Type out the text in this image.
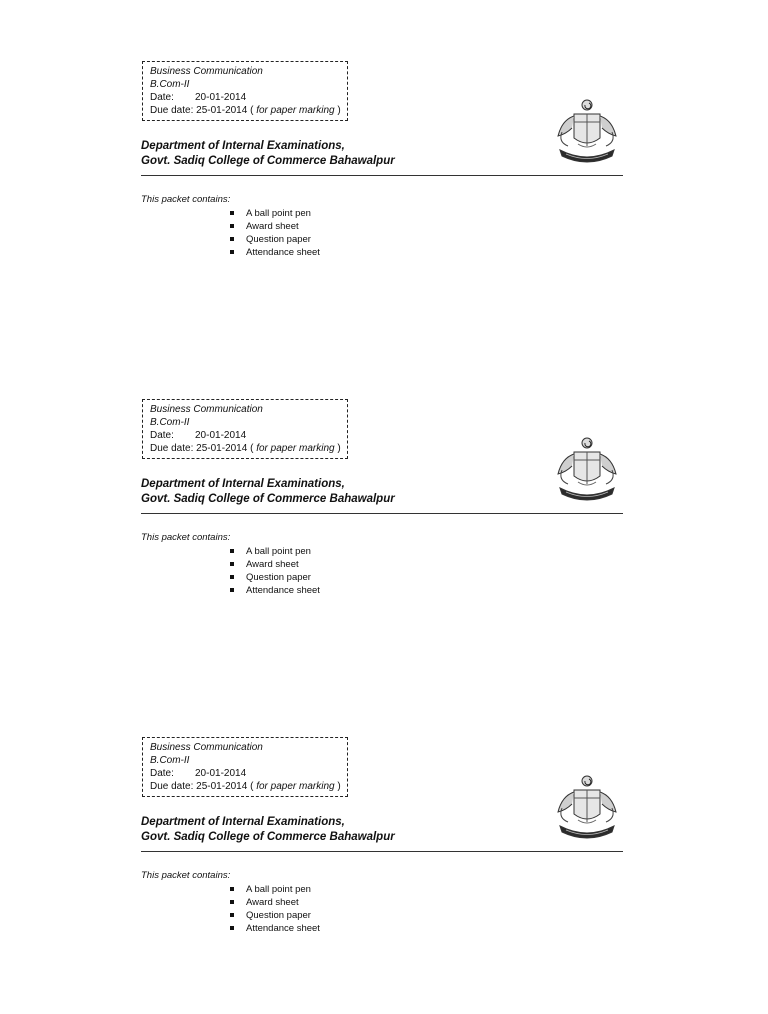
Business Communication
B.Com-II
Date: 20-01-2014
Due date: 25-01-2014 ( for paper marking )
Department of Internal Examinations,
Govt. Sadiq College of Commerce Bahawalpur
This packet contains:
A ball point pen
Award sheet
Question paper
Attendance sheet
Business Communication
B.Com-II
Date: 20-01-2014
Due date: 25-01-2014 ( for paper marking )
Department of Internal Examinations,
Govt. Sadiq College of Commerce Bahawalpur
This packet contains:
A ball point pen
Award sheet
Question paper
Attendance sheet
Business Communication
B.Com-II
Date: 20-01-2014
Due date: 25-01-2014 ( for paper marking )
Department of Internal Examinations,
Govt. Sadiq College of Commerce Bahawalpur
This packet contains:
A ball point pen
Award sheet
Question paper
Attendance sheet
